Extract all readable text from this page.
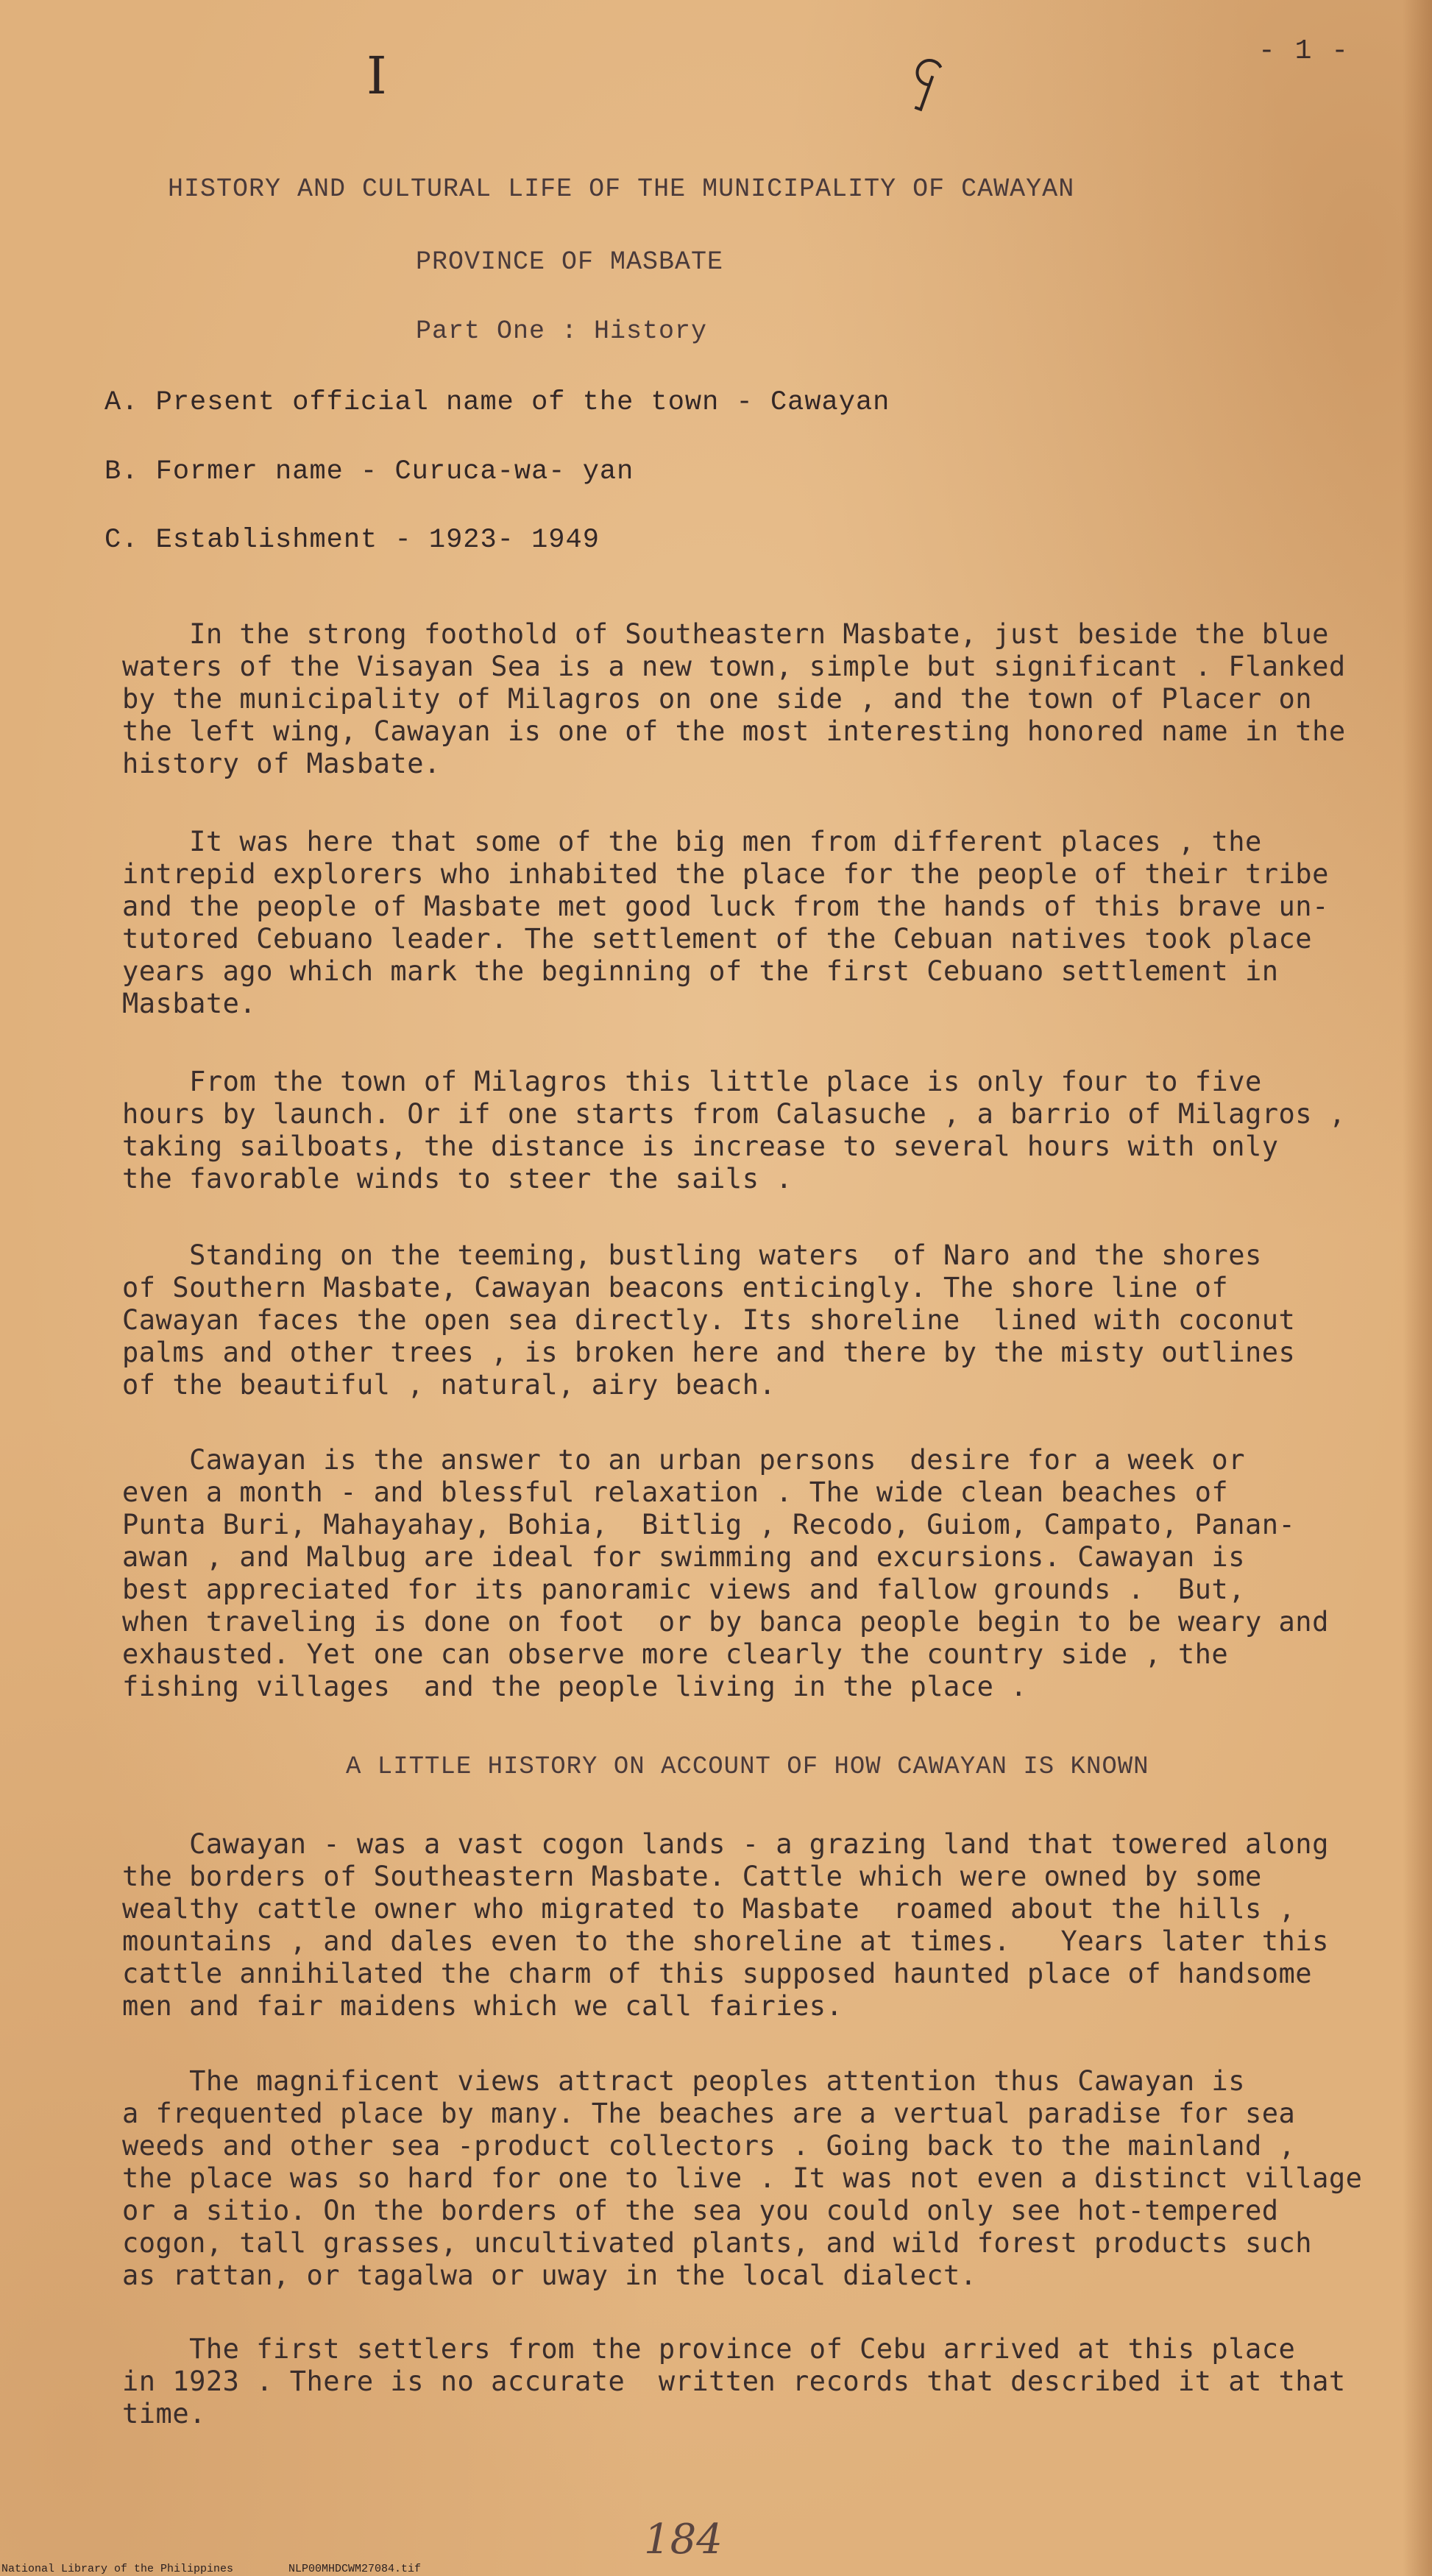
- 1 -
I	ႁ
HISTORY AND CULTURAL LIFE OF THE MUNICIPALITY OF CAWAYAN
PROVINCE OF MASBATE
Part One : History
A. Present official name of the town - Cawayan
B. Former name - Curuca-wa- yan
C. Establishment - 1923- 1949
In the strong foothold of Southeastern Masbate, just beside the blue
waters of the Visayan Sea is a new town, simple but significant . Flanked
by the municipality of Milagros on one side , and the town of Placer on
the left wing, Cawayan is one of the most interesting honored name in the
history of Masbate.
It was here that some of the big men from different places , the
intrepid explorers who inhabited the place for the people of their tribe
and the people of Masbate met good luck from the hands of this brave un-
tutored Cebuano leader. The settlement of the Cebuan natives took place
years ago which mark the beginning of the first Cebuano settlement in
Masbate.
From the town of Milagros this little place is only four to five
hours by launch. Or if one starts from Calasuche , a barrio of Milagros ,
taking sailboats, the distance is increase to several hours with only
the favorable winds to steer the sails .
Standing on the teeming, bustling waters  of Naro and the shores
of Southern Masbate, Cawayan beacons enticingly. The shore line of
Cawayan faces the open sea directly. Its shoreline  lined with coconut
palms and other trees , is broken here and there by the misty outlines
of the beautiful , natural, airy beach.
Cawayan is the answer to an urban persons  desire for a week or
even a month - and blessful relaxation . The wide clean beaches of
Punta Buri, Mahayahay, Bohia,  Bitlig , Recodo, Guiom, Campato, Panan-
awan , and Malbug are ideal for swimming and excursions. Cawayan is
best appreciated for its panoramic views and fallow grounds .  But,
when traveling is done on foot  or by banca people begin to be weary and
exhausted. Yet one can observe more clearly the country side , the
fishing villages  and the people living in the place .
A LITTLE HISTORY ON ACCOUNT OF HOW CAWAYAN IS KNOWN
Cawayan - was a vast cogon lands - a grazing land that towered along
the borders of Southeastern Masbate. Cattle which were owned by some
wealthy cattle owner who migrated to Masbate  roamed about the hills ,
mountains , and dales even to the shoreline at times.   Years later this
cattle annihilated the charm of this supposed haunted place of handsome
men and fair maidens which we call fairies.
The magnificent views attract peoples attention thus Cawayan is
a frequented place by many. The beaches are a vertual paradise for sea
weeds and other sea -product collectors . Going back to the mainland ,
the place was so hard for one to live . It was not even a distinct village
or a sitio. On the borders of the sea you could only see hot-tempered
cogon, tall grasses, uncultivated plants, and wild forest products such
as rattan, or tagalwa or uway in the local dialect.
The first settlers from the province of Cebu arrived at this place
in 1923 . There is no accurate  written records that described it at that
time.
184
National Library of the Philippines	NLP00MHDCWM27084.tif
